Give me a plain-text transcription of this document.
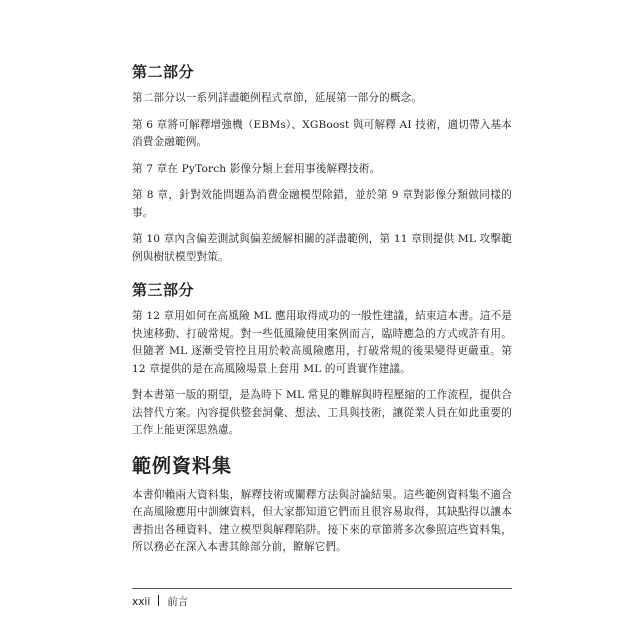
第二部分

第二部分以一系列詳盡範例程式章節，延展第一部分的概念。

第 6 章將可解釋增強機（EBMs）、XGBoost 與可解釋 AI 技術，適切帶入基本消費金融範例。

第 7 章在 PyTorch 影像分類上套用事後解釋技術。

第 8 章，針對效能問題為消費金融模型除錯，並於第 9 章對影像分類做同樣的事。

第 10 章內含偏差測試與偏差緩解相關的詳盡範例，第 11 章則提供 ML 攻擊範例與樹狀模型對策。

第三部分

第 12 章用如何在高風險 ML 應用取得成功的一般性建議，結束這本書。這不是快速移動、打破常規。對一些低風險使用案例而言，臨時應急的方式或許有用。但隨著 ML 逐漸受管控且用於較高風險應用，打破常規的後果變得更嚴重。第 12 章提供的是在高風險場景上套用 ML 的可貴實作建議。

對本書第一版的期望，是為時下 ML 常見的難解與時程壓縮的工作流程，提供合法替代方案。內容提供整套詞彙、想法、工具與技術，讓從業人員在如此重要的工作上能更深思熟慮。

範例資料集

本書仰賴兩大資料集，解釋技術或闡釋方法與討論結果。這些範例資料集不適合在高風險應用中訓練資料，但大家都知道它們而且很容易取得，其缺點得以讓本書指出各種資料、建立模型與解釋陷阱。接下來的章節將多次參照這些資料集，所以務必在深入本書其餘部分前，瞭解它們。

xxii 前言
